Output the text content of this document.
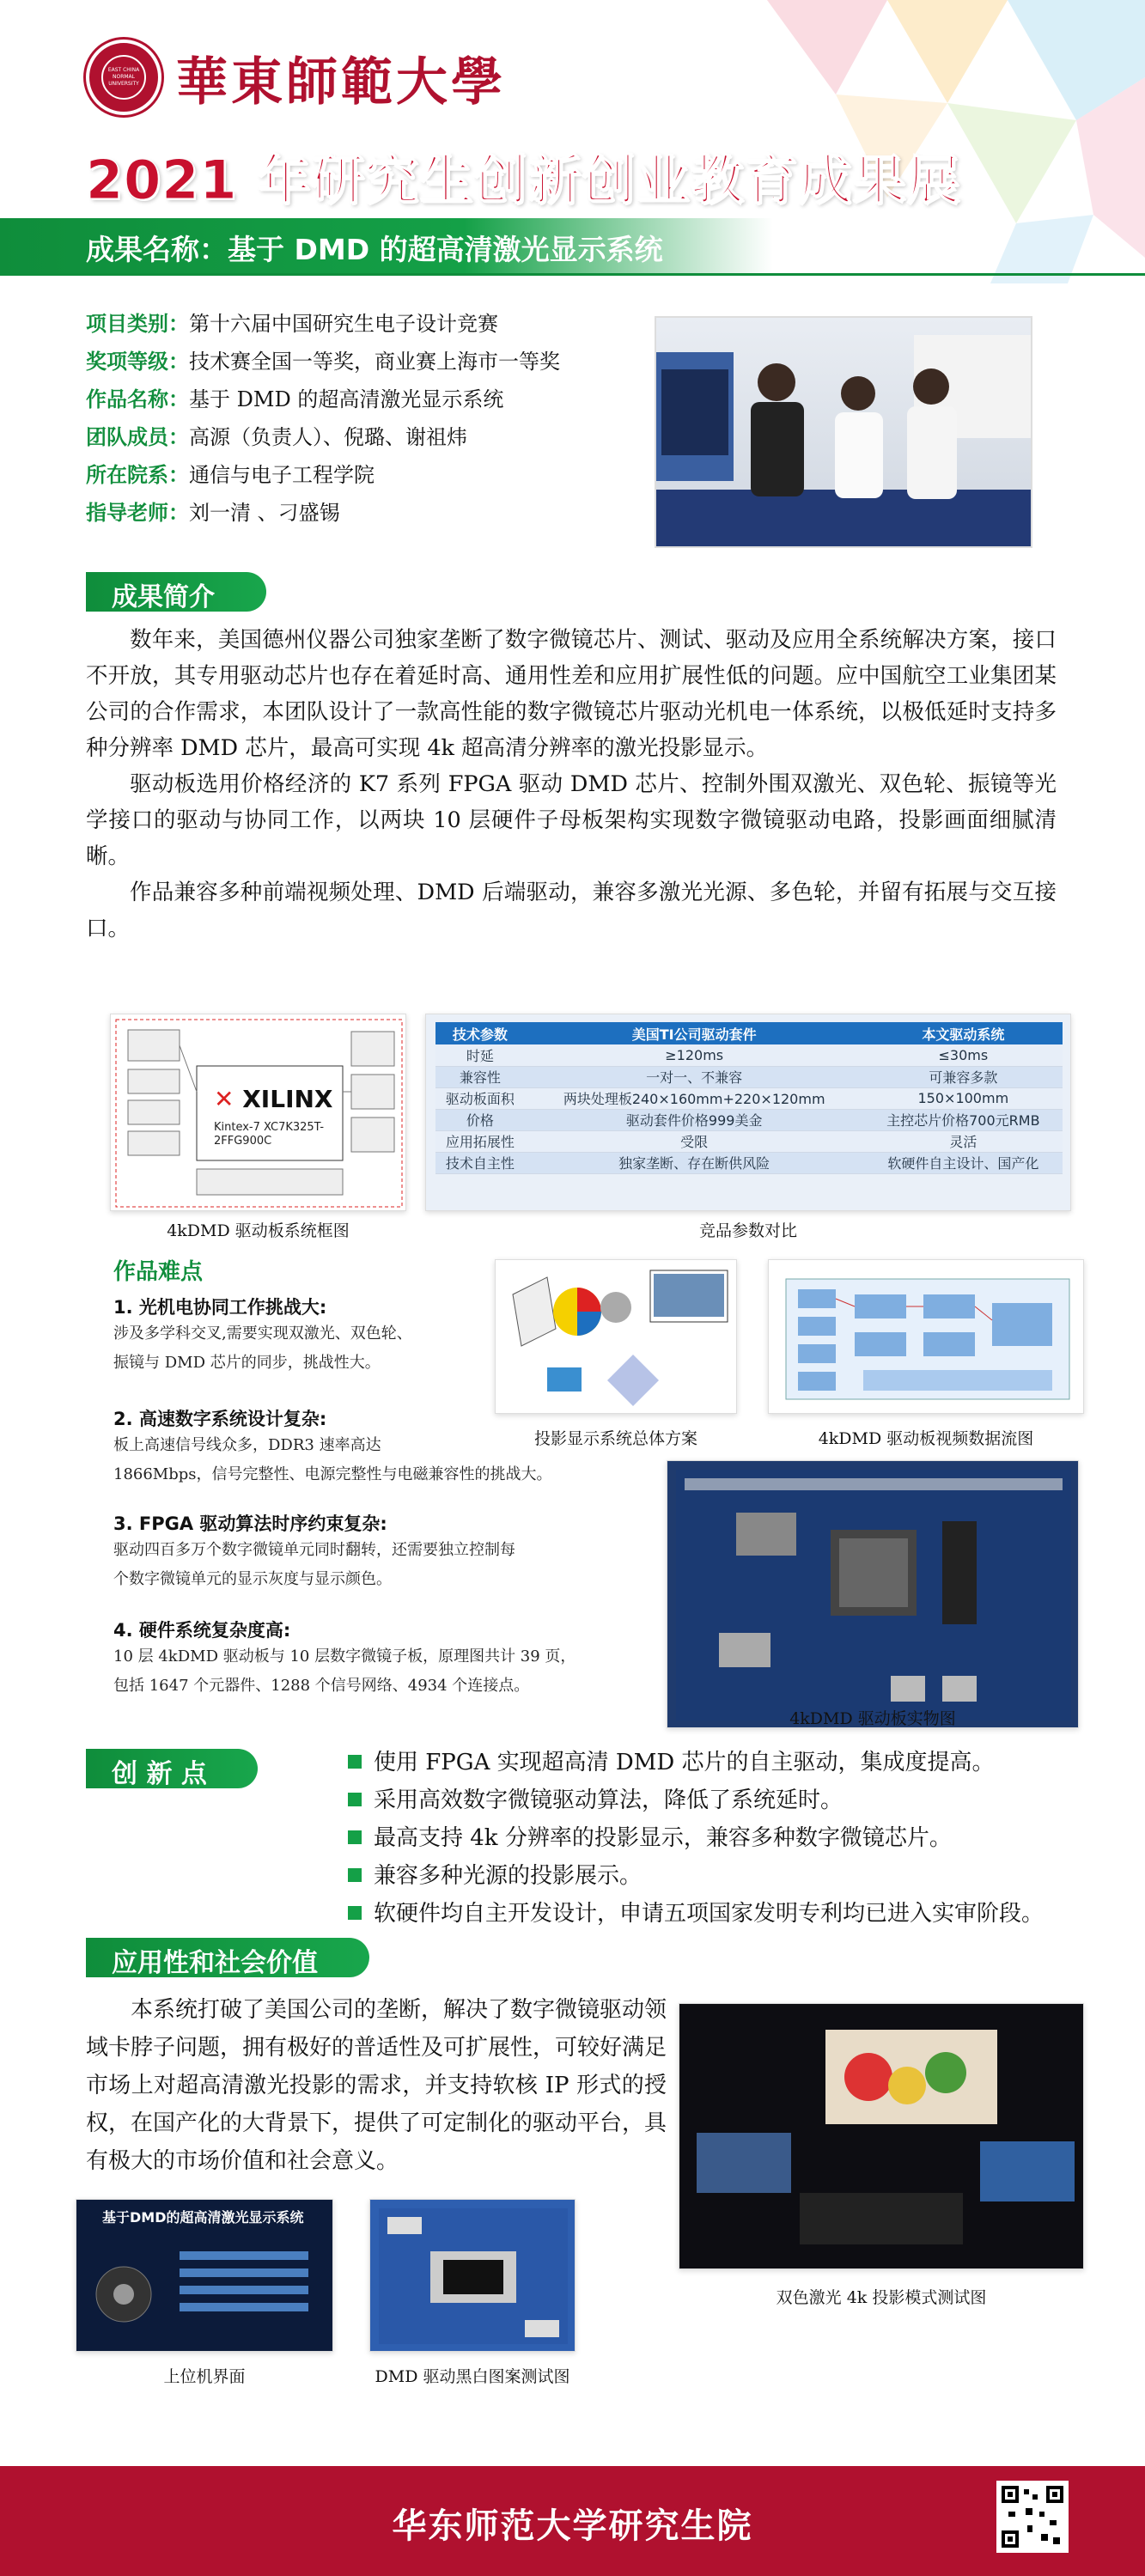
EAST CHINA NORMAL UNIVERSITY 華東師範大學
2021 年研究生创新创业教育成果展
成果名称：基于 DMD 的超高清激光显示系统
项目类别：第十六届中国研究生电子设计竞赛
奖项等级：技术赛全国一等奖，商业赛上海市一等奖
作品名称：基于 DMD 的超高清激光显示系统
团队成员：高源（负责人）、倪璐、谢祖炜
所在院系：通信与电子工程学院
指导老师：刘一清 、刁盛锡
成果简介

数年来，美国德州仪器公司独家垄断了数字微镜芯片、测试、驱动及应用全系统解决方案，接口不开放，其专用驱动芯片也存在着延时高、通用性差和应用扩展性低的问题。应中国航空工业集团某公司的合作需求，本团队设计了一款高性能的数字微镜芯片驱动光机电一体系统，以极低延时支持多种分辨率 DMD 芯片，最高可实现 4k 超高清分辨率的激光投影显示。

驱动板选用价格经济的 K7 系列 FPGA 驱动 DMD 芯片、控制外围双激光、双色轮、振镜等光学接口的驱动与协同工作，以两块 10 层硬件子母板架构实现数字微镜驱动电路，投影画面细腻清晰。

作品兼容多种前端视频处理、DMD 后端驱动，兼容多激光光源、多色轮，并留有拓展与交互接口。

✕ XILINX
Kintex-7 XC7K325T-2FFG900C
4kDMD 驱动板系统框图
技术参数	美国TI公司驱动套件	本文驱动系统
时延	≥120ms	≤30ms
兼容性	一对一、不兼容	可兼容多款
驱动板面积	两块处理板240×160mm+220×120mm	150×100mm
价格	驱动套件价格999美金	主控芯片价格700元RMB
应用拓展性	受限	灵活
技术自主性	独家垄断、存在断供风险	软硬件自主设计、国产化
竞品参数对比
作品难点
1. 光机电协同工作挑战大:

涉及多学科交叉,需要实现双激光、双色轮、

振镜与 DMD 芯片的同步，挑战性大。

2. 高速数字系统设计复杂:

板上高速信号线众多，DDR3 速率高达

1866Mbps，信号完整性、电源完整性与电磁兼容性的挑战大。

3. FPGA 驱动算法时序约束复杂:

驱动四百多万个数字微镜单元同时翻转，还需要独立控制每

个数字微镜单元的显示灰度与显示颜色。

4. 硬件系统复杂度高:

10 层 4kDMD 驱动板与 10 层数字微镜子板，原理图共计 39 页，

包括 1647 个元器件、1288 个信号网络、4934 个连接点。

投影显示系统总体方案	4kDMD 驱动板视频数据流图
4kDMD 驱动板实物图
创 新 点	使用 FPGA 实现超高清 DMD 芯片的自主驱动，集成度提高。
采用高效数字微镜驱动算法，降低了系统延时。
最高支持 4k 分辨率的投影显示，兼容多种数字微镜芯片。
兼容多种光源的投影展示。
软硬件均自主开发设计，申请五项国家发明专利均已进入实审阶段。
应用性和社会价值

本系统打破了美国公司的垄断，解决了数字微镜驱动领域卡脖子问题，拥有极好的普适性及可扩展性，可较好满足市场上对超高清激光投影的需求，并支持软核 IP 形式的授权，在国产化的大背景下，提供了可定制化的驱动平台，具有极大的市场价值和社会意义。

双色激光 4k 投影模式测试图
基于DMD的超高清激光显示系统
上位机界面	DMD 驱动黑白图案测试图
华东师范大学研究生院
